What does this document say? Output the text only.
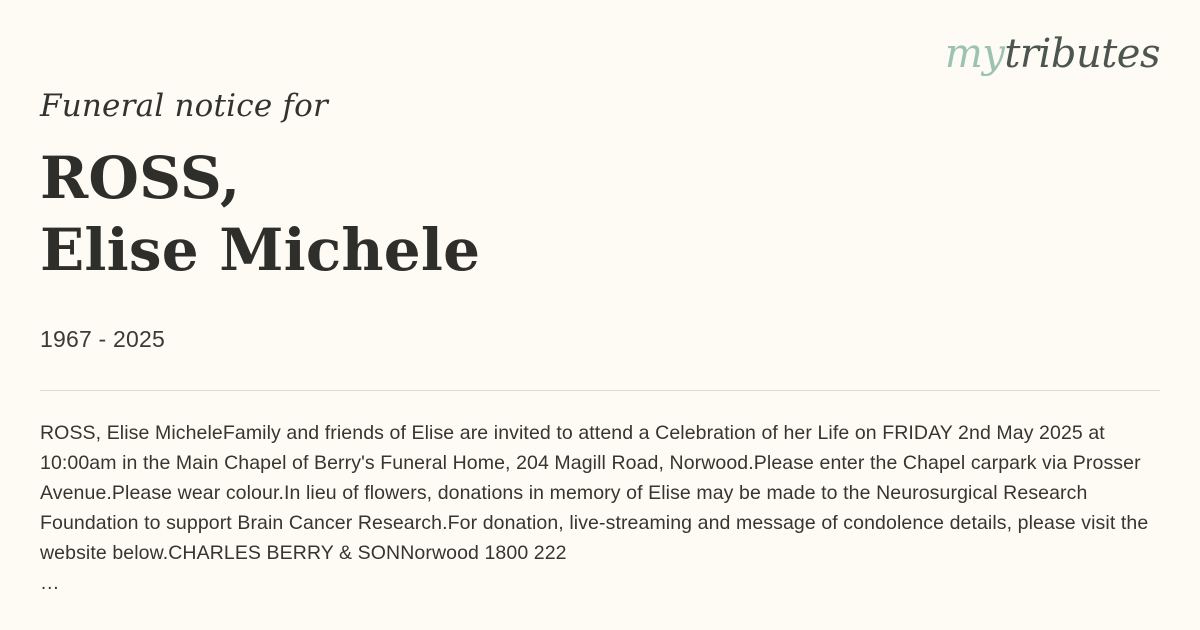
mytributes
Funeral notice for
ROSS,
Elise Michele
1967 - 2025
ROSS, Elise MicheleFamily and friends of Elise are invited to attend a Celebration of her Life on FRIDAY 2nd May 2025 at 10:00am in the Main Chapel of Berry's Funeral Home, 204 Magill Road, Norwood.Please enter the Chapel carpark via Prosser Avenue.Please wear colour.In lieu of flowers, donations in memory of Elise may be made to the Neurosurgical Research Foundation to support Brain Cancer Research.For donation, live-streaming and message of condolence details, please visit the website below.CHARLES BERRY & SONNorwood 1800 222
…
